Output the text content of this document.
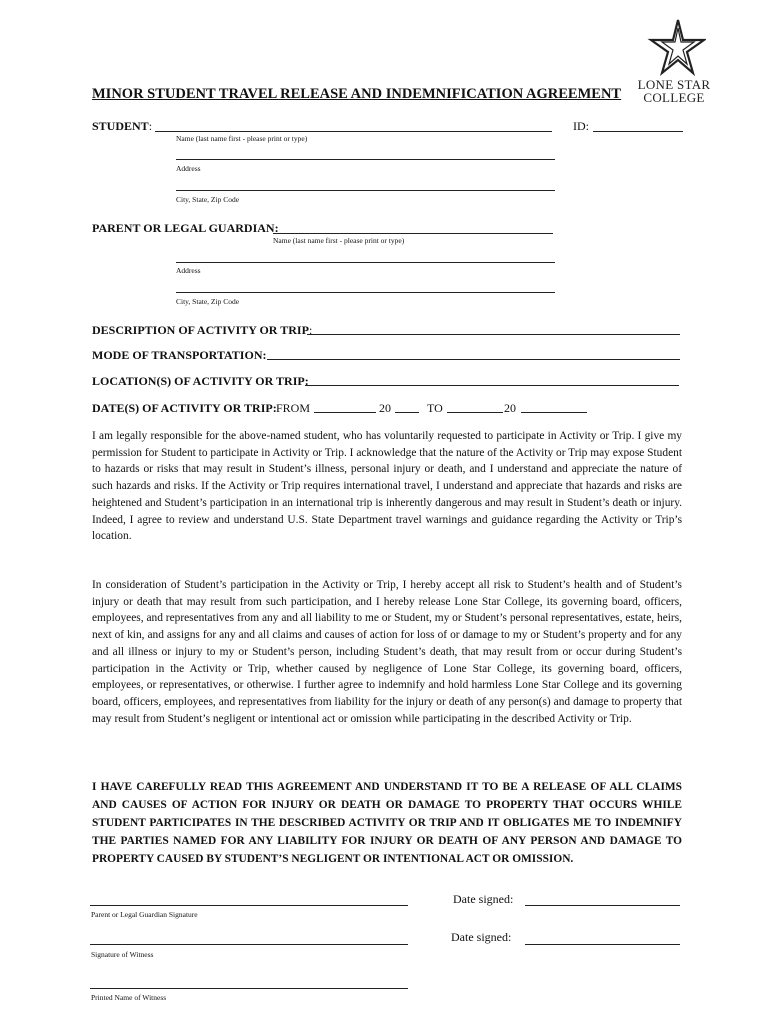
LONE STAR
COLLEGE
MINOR STUDENT TRAVEL RELEASE AND INDEMNIFICATION AGREEMENT
STUDENT:
Name (last name first - please print or type)
ID:
Address
City, State, Zip Code
PARENT OR LEGAL GUARDIAN:
Name (last name first - please print or type)
Address
City, State, Zip Code
DESCRIPTION OF ACTIVITY OR TRIP:
MODE OF TRANSPORTATION:
LOCATION(S) OF ACTIVITY OR TRIP:
DATE(S) OF ACTIVITY OR TRIP: FROM	20	TO	20
I am legally responsible for the above-named student, who has voluntarily requested to participate in Activity or Trip. I give my permission for Student to participate in Activity or Trip. I acknowledge that the nature of the Activity or Trip may expose Student to hazards or risks that may result in Student’s illness, personal injury or death, and I understand and appreciate the nature of such hazards and risks. If the Activity or Trip requires international travel, I understand and appreciate that hazards and risks are heightened and Student’s participation in an international trip is inherently dangerous and may result in Student’s death or injury. Indeed, I agree to review and understand U.S. State Department travel warnings and guidance regarding the Activity or Trip’s location.
In consideration of Student’s participation in the Activity or Trip, I hereby accept all risk to Student’s health and of Student’s injury or death that may result from such participation, and I hereby release Lone Star College, its governing board, officers, employees, and representatives from any and all liability to me or Student, my or Student’s personal representatives, estate, heirs, next of kin, and assigns for any and all claims and causes of action for loss of or damage to my or Student’s property and for any and all illness or injury to my or Student’s person, including Student’s death, that may result from or occur during Student’s participation in the Activity or Trip, whether caused by negligence of Lone Star College, its governing board, officers, employees, or representatives, or otherwise. I further agree to indemnify and hold harmless Lone Star College and its governing board, officers, employees, and representatives from liability for the injury or death of any person(s) and damage to property that may result from Student’s negligent or intentional act or omission while participating in the described Activity or Trip.
I HAVE CAREFULLY READ THIS AGREEMENT AND UNDERSTAND IT TO BE A RELEASE OF ALL CLAIMS AND CAUSES OF ACTION FOR INJURY OR DEATH OR DAMAGE TO PROPERTY THAT OCCURS WHILE STUDENT PARTICIPATES IN THE DESCRIBED ACTIVITY OR TRIP AND IT OBLIGATES ME TO INDEMNIFY THE PARTIES NAMED FOR ANY LIABILITY FOR INJURY OR DEATH OF ANY PERSON AND DAMAGE TO PROPERTY CAUSED BY STUDENT’S NEGLIGENT OR INTENTIONAL ACT OR OMISSION.
Parent or Legal Guardian Signature
Date signed:
Signature of Witness
Date signed:
Printed Name of Witness
